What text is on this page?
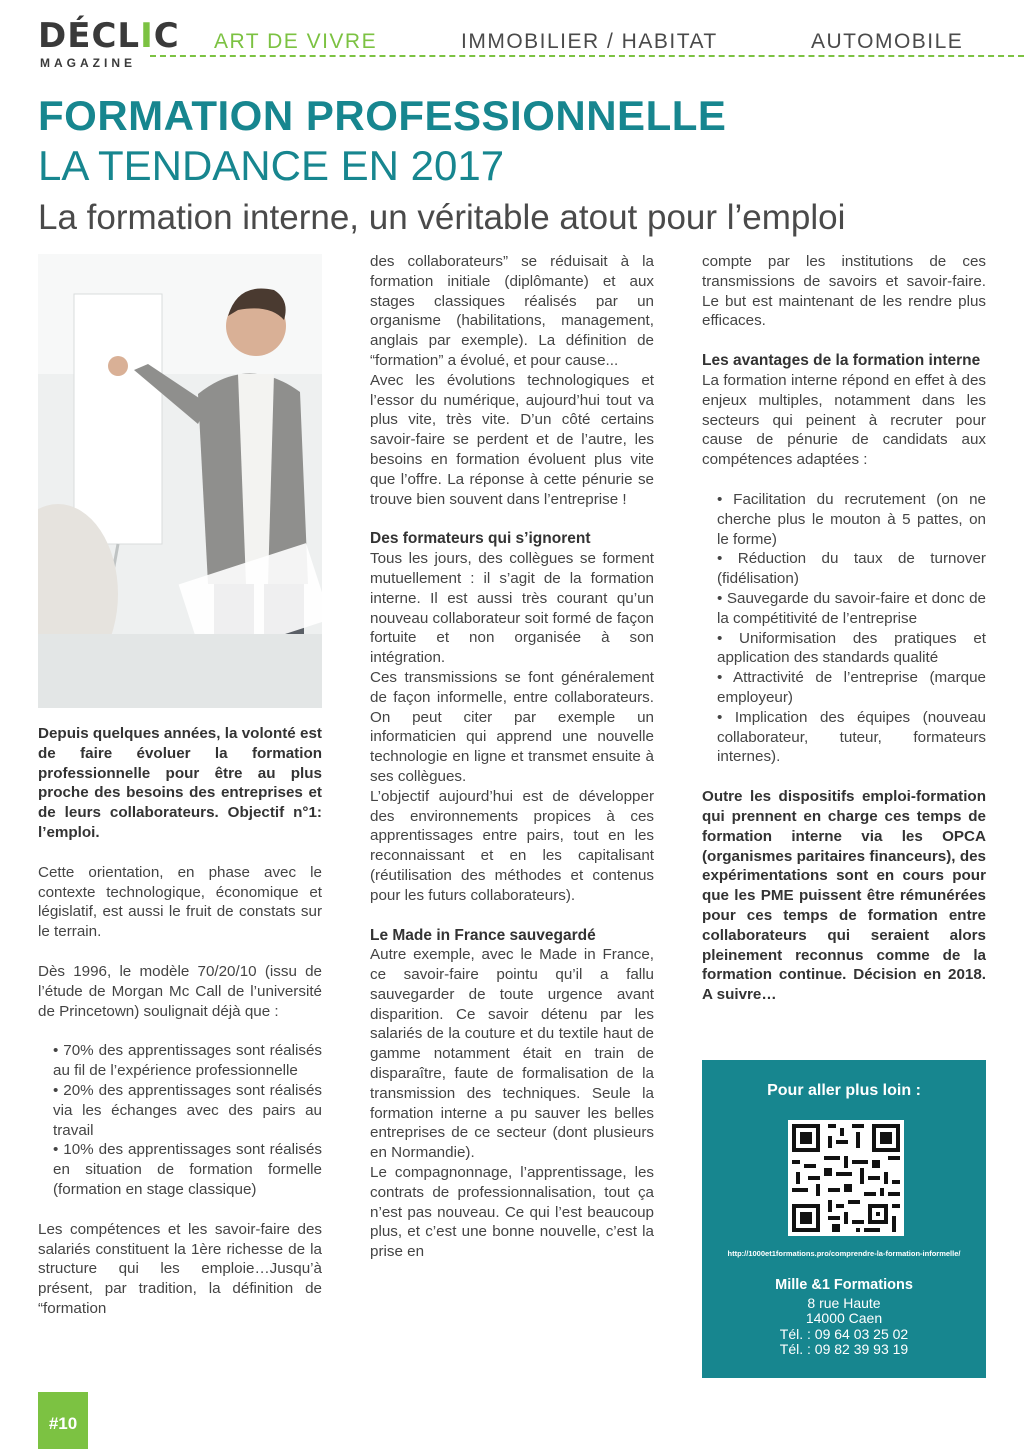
DÉCLIC
MAGAZINE
ART DE VIVRE	IMMOBILIER / HABITAT	AUTOMOBILE
FORMATION PROFESSIONNELLE
LA TENDANCE EN 2017
La formation interne, un véritable atout pour l’emploi

Depuis quelques années, la volonté est de faire évoluer la formation professionnelle pour être au plus proche des besoins des entreprises et de leurs collaborateurs. Objectif n°1: l’emploi.

Cette orientation, en phase avec le contexte technologique, économique et législatif, est aussi le fruit de constats sur le terrain.

Dès 1996, le modèle 70/20/10 (issu de l’étude de Morgan Mc Call de l’université de Princetown) soulignait déjà que :

• 70% des apprentissages sont réalisés au fil de l’expérience professionnelle

• 20% des apprentissages sont réalisés via les échanges avec des pairs au travail

• 10% des apprentissages sont réalisés en situation de formation formelle (formation en stage classique)

Les compétences et les savoir-faire des salariés constituent la 1ère richesse de la structure qui les emploie…Jusqu’à présent, par tradition, la définition de “formation

des collaborateurs” se réduisait à la formation initiale (diplômante) et aux stages classiques réalisés par un organisme (habilitations, management, anglais par exemple). La définition de “formation” a évolué, et pour cause...

Avec les évolutions technologiques et l’essor du numérique, aujourd’hui tout va plus vite, très vite. D’un côté certains savoir-faire se perdent et de l’autre, les besoins en formation évoluent plus vite que l’offre. La réponse à cette pénurie se trouve bien souvent dans l’entreprise !

Des formateurs qui s’ignorent

Tous les jours, des collègues se forment mutuellement : il s’agit de la formation interne. Il est aussi très courant qu’un nouveau collaborateur soit formé de façon fortuite et non organisée à son intégration.

Ces transmissions se font généralement de façon informelle, entre collaborateurs. On peut citer par exemple un informaticien qui apprend une nouvelle technologie en ligne et transmet ensuite à ses collègues.

L’objectif aujourd’hui est de développer des environnements propices à ces apprentissages entre pairs, tout en les reconnaissant et en les capitalisant (réutilisation des méthodes et contenus pour les futurs collaborateurs).

Le Made in France sauvegardé

Autre exemple, avec le Made in France, ce savoir-faire pointu qu’il a fallu sauvegarder de toute urgence avant disparition. Ce savoir détenu par les salariés de la couture et du textile haut de gamme notamment était en train de disparaître, faute de formalisation de la transmission des techniques. Seule la formation interne a pu sauver les belles entreprises de ce secteur (dont plusieurs en Normandie).

Le compagnonnage, l’apprentissage, les contrats de professionnalisation, tout ça n’est pas nouveau. Ce qui l’est beaucoup plus, et c’est une bonne nouvelle, c’est la prise en

compte par les institutions de ces transmissions de savoirs et savoir-faire. Le but est maintenant de les rendre plus efficaces.

Les avantages de la formation interne

La formation interne répond en effet à des enjeux multiples, notamment dans les secteurs qui peinent à recruter pour cause de pénurie de candidats aux compétences adaptées :

• Facilitation du recrutement (on ne cherche plus le mouton à 5 pattes, on le forme)

• Réduction du taux de turnover (fidélisation)

• Sauvegarde du savoir-faire et donc de la compétitivité de l’entreprise

• Uniformisation des pratiques et application des standards qualité

• Attractivité de l’entreprise (marque employeur)

• Implication des équipes (nouveau collaborateur, tuteur, formateurs internes).

Outre les dispositifs emploi-formation qui prennent en charge ces temps de formation interne via les OPCA (organismes paritaires financeurs), des expérimentations sont en cours pour que les PME puissent être rémunérées pour ces temps de formation entre collaborateurs qui seraient alors pleinement reconnus comme de la formation continue. Décision en 2018. A suivre…

Pour aller plus loin :
http://1000et1formations.pro/comprendre-la-formation-informelle/
Mille &1 Formations
8 rue Haute
14000 Caen
Tél. : 09 64 03 25 02
Tél. : 09 82 39 93 19
#10
